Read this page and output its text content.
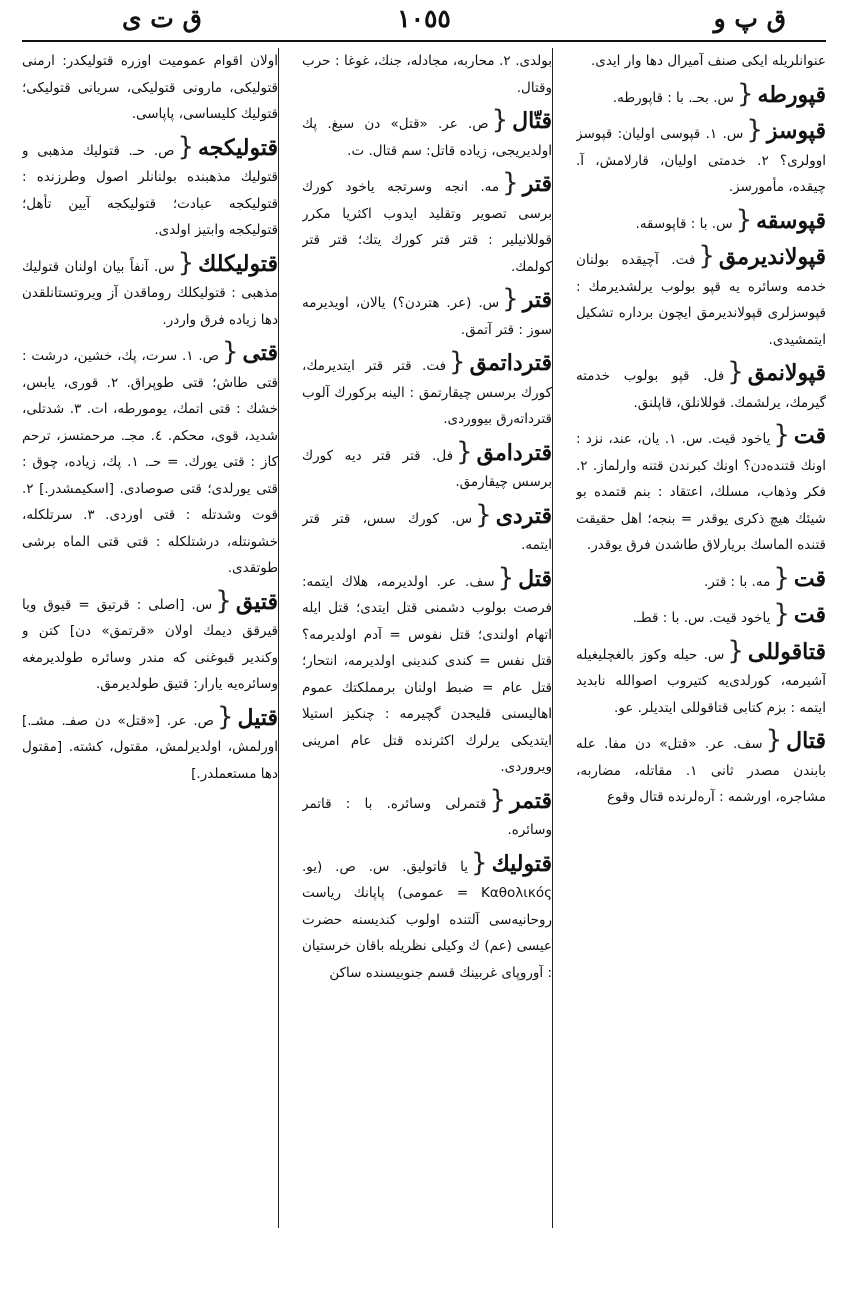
ق پ و
١٠٥٥
ق ت ی

عنوانلریله ایکی صنف آمیرال دها وار ایدی.

قپورطه{س. بحـ. با : قاپورطه.

قپوسز{س. ١. قپوسی اولیان: قپوسز اوولری؟ ٢. خدمتی اولیان، قارلامش، آ. چیقده، مأمورسز.

قپوسقه{س. با : قاپوسقه.

قپولاندیرمق{فت. آچیقده بولنان خدمه وسائره یه قپو بولوب یرلشدیرمك : قپوسزلری قپولاندیرمق ایچون برداره تشکیل ایتمشیدی.

قپولانمق{فل. قپو بولوب خدمته گیرمك، یرلشمك. قوللانلق، قاپلنق.

قت{یاخود قیت. س. ١. یان، عند، نزد : اونك قتنده‌دن؟ اونك کبرندن قتنه وارلماز. ٢. فکر وذهاب، مسلك، اعتقاد : بنم قتمده بو شیئك هیچ ذکری یوقدر = بنجه؛ اهل حقیقت قتنده الماسك بریارلاق طاشدن فرق یوقدر.

قت{مه. با : قتر.

قت{یاخود قیت. س. با : قطـ.

قتاقوللی{س. حیله وکوز بالغچلیغیله آشیرمه، کورلدی‌یه کتیروب اصوالله نابدید ایتمه : بزم کتابی قتاقوللی ایتدیلر. عو.

قتال{سف. عر. «قتل» دن مفا. عله بابندن مصدر ثانی ١. مقاتله، مضاربه، مشاجره، اورشمه : آرەلرنده قتال وقوع

بولدی. ٢. محاربه، مجادله، جنك، غوغا : حرب وقتال.

قتّال{ص. عر. «قتل» دن سیغ. پك اولدیریجی، زیاده قاتل: سم قتال. ت.

قتر{مه. انجه وسرتجه یاخود کورك برسی تصویر وتقلید ایدوب اکثریا مکرر قوللانیلیر : قتر قتر کورك یتك؛ قتر قتر کولمك.

قتر{س. (عر. هتردن؟) یالان، اویدیرمه سوز : قتر آتمق.

قترداتمق{فت. قتر قتر ایتدیرمك، کورك برسس چیقارتمق : الینه برکورك آلوب قترداته‌رق بیووردی.

قتردامق{فل. قتر قتر دیه کورك برسس چیقارمق.

قتردی{س. کورك سس، قتر قتر ایتمه.

قتل{سف. عر. اولدیرمه، هلاك ایتمه: فرصت بولوب دشمنی قتل ایتدی؛ قتل ایله اتهام اولندی؛ قتل نفوس = آدم اولدیرمه؟ قتل نفس = کندی کندینی اولدیرمه، انتحار؛ قتل عام = ضبط اولنان برمملکتك عموم اهالیسنی قلیجدن گچیرمه : چنکیز استیلا ایتدیکی یرلرك اکثرنده قتل عام امرینی ویروردی.

قتمر{قتمرلی وسائره. با : قاتمر وسائره.

قتولیك{یا قاتولیق. س. ص. (یو. Καθολικός = عمومی) پاپانك ریاست روحانیه‌سی آلتنده اولوب کندیسنه حضرت عیسی (عم) ك وکیلی نظریله باقان خرستیان : آوروپای غربینك قسم جنوبیسنده ساکن

اولان اقوام عمومیت اوزره قتولیکدر: ارمنی قتولیکی، مارونی قتولیکی، سریانی قتولیکی؛ قتولیك کلیساسی، پاپاسی.

قتولیکجه{ص. حـ. قتولیك مذهبی و قتولیك مذهبنده بولنانلر اصول وطرزنده : قتولیکجه عبادت؛ قتولیکجه آیین تأهل؛ قتولیکجه وابتیز اولدی.

قتولیکلك{س. آنفاً بیان اولنان قتولیك مذهبی : قتولیکلك روماقدن آز ویروتستانلقدن دها زیاده فرق واردر.

قتی{ص. ١. سرت، پك، خشین، درشت : قتی طاش؛ قتی طوپراق. ٢. قوری، یابس، خشك : قتی اتمك، یومورطه، ات. ٣. شدتلی، شدید، قوی، محکم. ٤. مجـ. مرحمتسز، ترحم کاز : قتی یورك. = حـ. ١. پك، زیاده، چوق : قتی یورلدی؛ قتی صوصادی. [اسکیمشدر.] ٢. قوت وشدتله : قتی اوردی. ٣. سرتلکله، خشونتله، درشتلکله : قتی قتی الماه برشی طوتقدی.

قتیق{س. [اصلی : قرتیق = قیوق ویا قیرقق دیمك اولان «قرتمق» دن] کتن و وکندیر قبوغنی که مندر وسائره طولدیرمغه وسائره‌یه یارار: قتیق طولدیرمق.

قتیل{ص. عر. [«قتل» دن صفـ. مشـ.] اورلمش، اولدیرلمش، مقتول، کشته. [مقتول دها مستعملدر.]
